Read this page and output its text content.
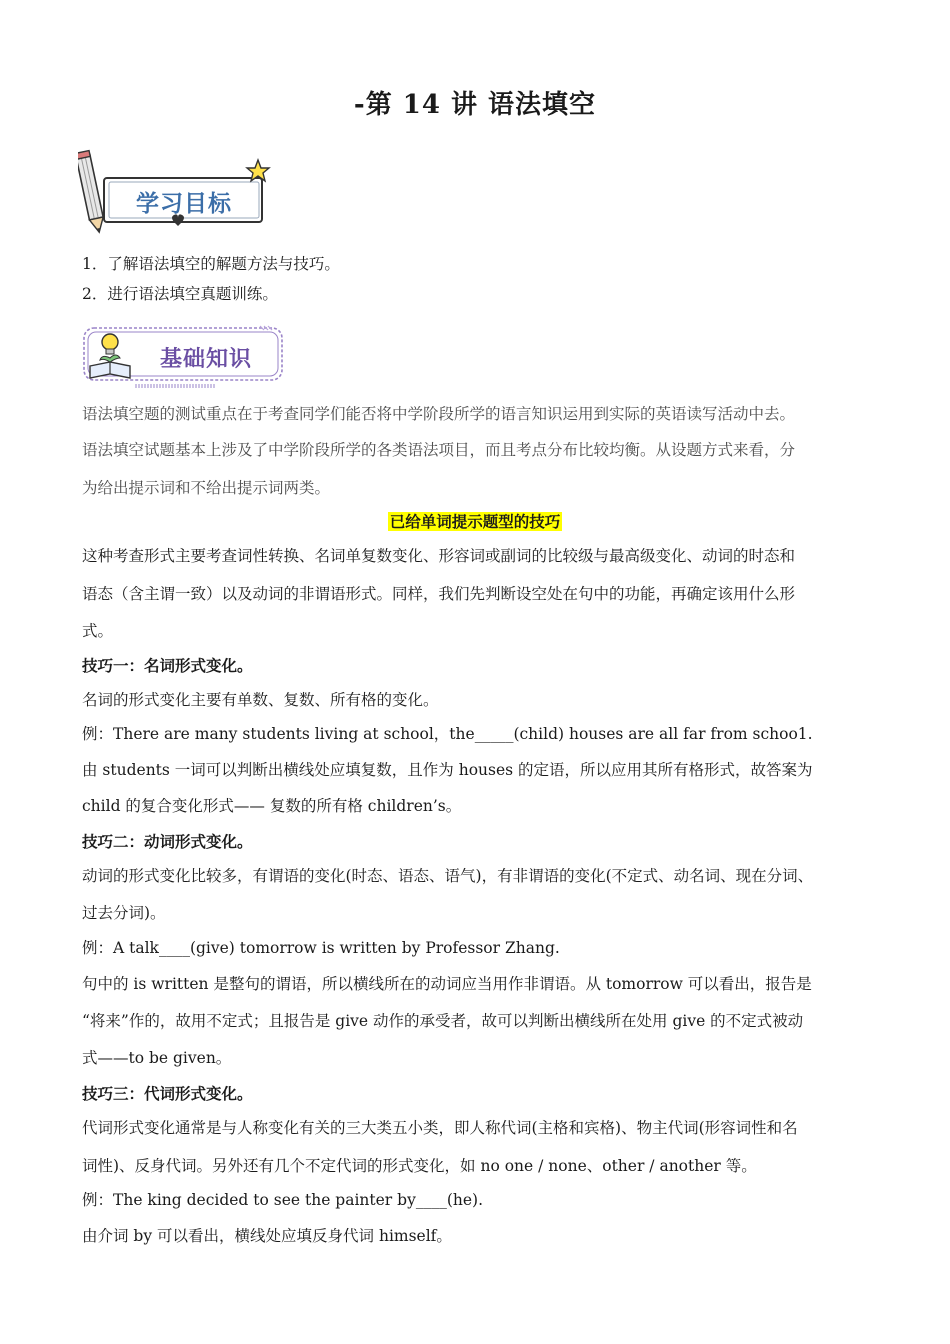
-第 14 讲 语法填空
学习目标
1．了解语法填空的解题方法与技巧。
2．进行语法填空真题训练。
基础知识
语法填空题的测试重点在于考查同学们能否将中学阶段所学的语言知识运用到实际的英语读写活动中去。
语法填空试题基本上涉及了中学阶段所学的各类语法项目，而且考点分布比较均衡。从设题方式来看，分
为给出提示词和不给出提示词两类。
已给单词提示题型的技巧
这种考查形式主要考查词性转换、名词单复数变化、形容词或副词的比较级与最高级变化、动词的时态和
语态（含主谓一致）以及动词的非谓语形式。同样，我们先判断设空处在句中的功能，再确定该用什么形
式。
技巧一：名词形式变化。
名词的形式变化主要有单数、复数、所有格的变化。
例：There are many students living at school，the_____(child) houses are all far from schoo1.
由 students 一词可以判断出横线处应填复数，且作为 houses 的定语，所以应用其所有格形式，故答案为
child 的复合变化形式—— 复数的所有格 children’s。
技巧二：动词形式变化。
动词的形式变化比较多，有谓语的变化(时态、语态、语气)，有非谓语的变化(不定式、动名词、现在分词、
过去分词)。
例：A talk____(give) tomorrow is written by Professor Zhang.
句中的 is written 是整句的谓语，所以横线所在的动词应当用作非谓语。从 tomorrow 可以看出，报告是
“将来”作的，故用不定式；且报告是 give 动作的承受者，故可以判断出横线所在处用 give 的不定式被动
式——to be given。
技巧三：代词形式变化。
代词形式变化通常是与人称变化有关的三大类五小类，即人称代词(主格和宾格)、物主代词(形容词性和名
词性)、反身代词。另外还有几个不定代词的形式变化，如 no one / none、other / another 等。
例：The king decided to see the painter by____(he).
由介词 by 可以看出，横线处应填反身代词 himself。
